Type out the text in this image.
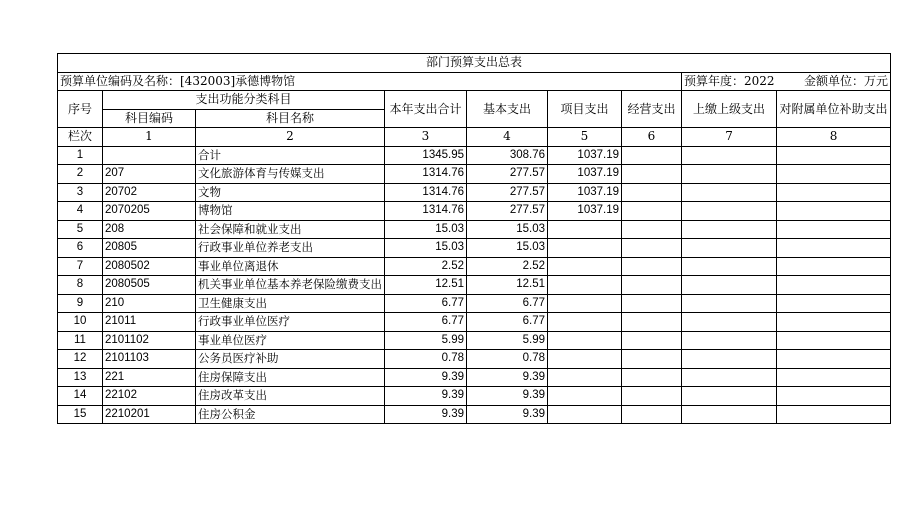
部门预算支出总表								
预算单位编码及名称：[432003]承德博物馆							预算年度：2022	金额单位：万元
序号	支出功能分类科目		本年支出合计	基本支出	项目支出	经营支出	上缴上级支出	对附属单位补助支出
	科目编码	科目名称						
栏次	1	2	3	4	5	6	7	8
1		合计	1345.95	308.76	1037.19			
2	207	文化旅游体育与传媒支出	1314.76	277.57	1037.19			
3	20702	文物	1314.76	277.57	1037.19			
4	2070205	博物馆	1314.76	277.57	1037.19			
5	208	社会保障和就业支出	15.03	15.03				
6	20805	行政事业单位养老支出	15.03	15.03				
7	2080502	事业单位离退休	2.52	2.52				
8	2080505	机关事业单位基本养老保险缴费支出	12.51	12.51				
9	210	卫生健康支出	6.77	6.77				
10	21011	行政事业单位医疗	6.77	6.77				
11	2101102	事业单位医疗	5.99	5.99				
12	2101103	公务员医疗补助	0.78	0.78				
13	221	住房保障支出	9.39	9.39				
14	22102	住房改革支出	9.39	9.39				
15	2210201	住房公积金	9.39	9.39				
